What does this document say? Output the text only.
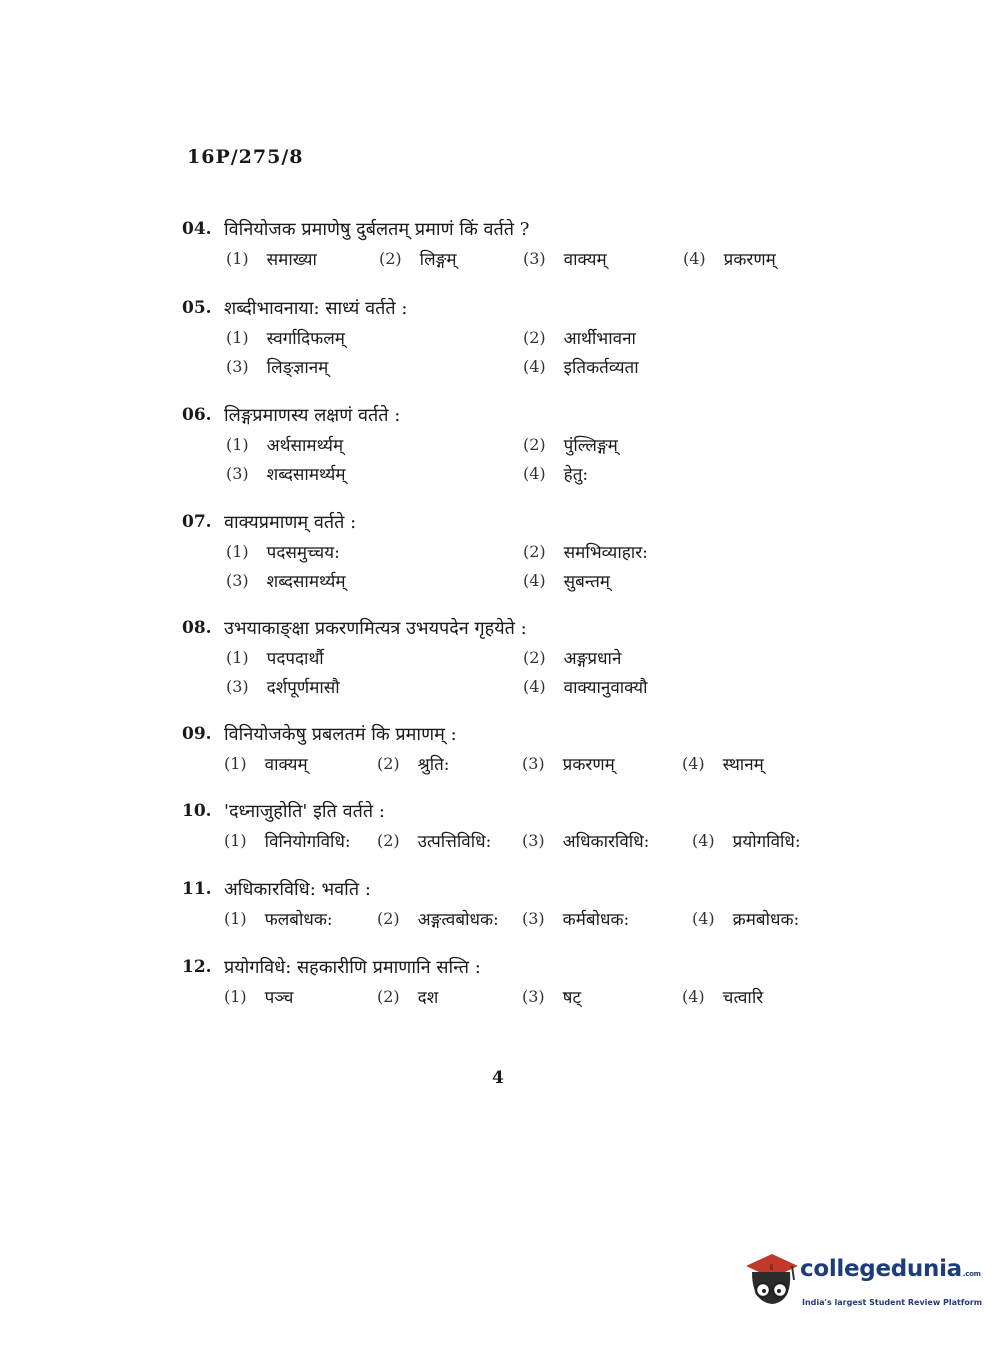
16P/275/8
04. विनियोजक प्रमाणेषु दुर्बलतम् प्रमाणं किं वर्तते ?
(1) समाख्या	(2) लिङ्गम्	(3) वाक्यम्	(4) प्रकरणम्
05. शब्दीभावनाया: साध्यं वर्तते :
(1) स्वर्गादिफलम्	(2) आर्थीभावना
(3) लिङ्ज्ञानम्	(4) इतिकर्तव्यता
06. लिङ्गप्रमाणस्य लक्षणं वर्तते :
(1) अर्थसामर्थ्यम्	(2) पुंल्लिङ्गम्
(3) शब्दसामर्थ्यम्	(4) हेतु:
07. वाक्यप्रमाणम् वर्तते :
(1) पदसमुच्चय:	(2) समभिव्याहार:
(3) शब्दसामर्थ्यम्	(4) सुबन्तम्
08. उभयाकाङ्क्षा प्रकरणमित्यत्र उभयपदेन गृहयेते :
(1) पदपदार्थौ	(2) अङ्गप्रधाने
(3) दर्शपूर्णमासौ	(4) वाक्यानुवाक्यौ
09. विनियोजकेषु प्रबलतमं कि प्रमाणम् :
(1) वाक्यम्	(2) श्रुति:	(3) प्रकरणम्	(4) स्थानम्
10. 'दध्नाजुहोति' इति वर्तते :
(1) विनियोगविधि: (2) उत्पत्तिविधि: (3) अधिकारविधि:	(4) प्रयोगविधि:
11. अधिकारविधि: भवति :
(1) फलबोधक:	(2) अङ्गत्वबोधक: (3) कर्मबोधक:	(4) क्रमबोधक:
12. प्रयोगविधे: सहकारीणि प्रमाणानि सन्ति :
(1) पञ्च	(2) दश	(3) षट्	(4) चत्वारि
4
collegedunia.com
India's largest Student Review Platform
